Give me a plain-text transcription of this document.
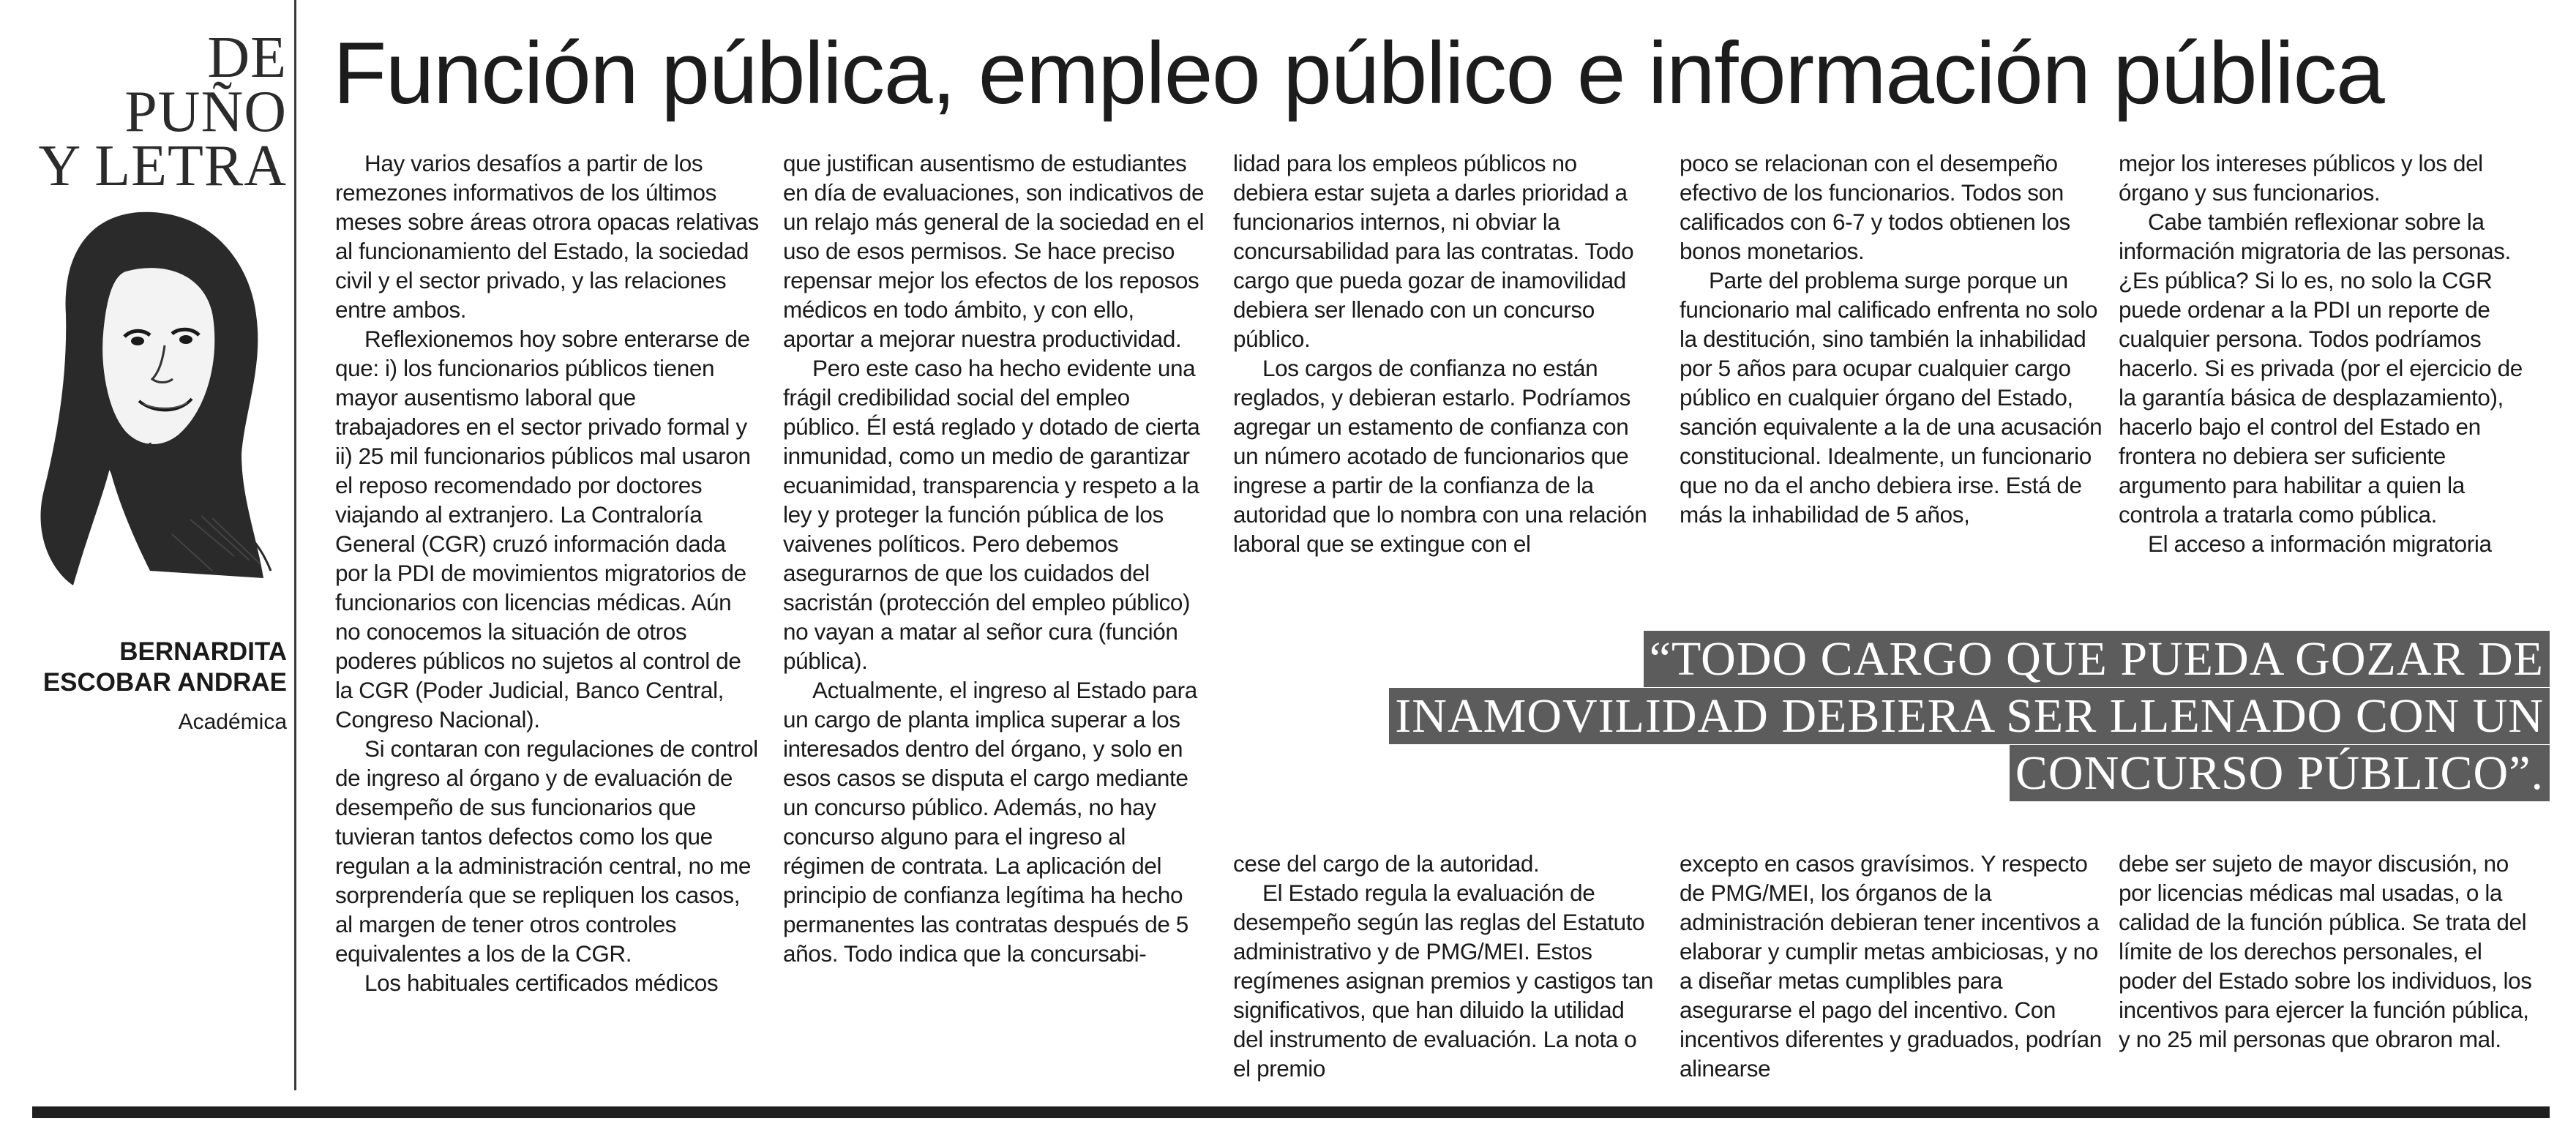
DE
PUÑO
Y LETRA
BERNARDITA
ESCOBAR ANDRAE
Académica
Función pública, empleo público e información pública

Hay varios desafíos a partir de los remezones informativos de los últimos meses sobre áreas otrora opacas relativas al funcionamiento del Estado, la sociedad civil y el sector privado, y las relaciones entre ambos.

Reflexionemos hoy sobre enterarse de que: i) los funcionarios públicos tienen mayor ausentismo laboral que trabajadores en el sector privado formal y ii) 25 mil funcionarios públicos mal usaron el reposo recomendado por doctores viajando al extranjero. La Contraloría General (CGR) cruzó información dada por la PDI de movimientos migratorios de funcionarios con licencias médicas. Aún no conocemos la situación de otros poderes públicos no sujetos al control de la CGR (Poder Judicial, Banco Central, Congreso Nacional).

Si contaran con regulaciones de control de ingreso al órgano y de evaluación de desempeño de sus funcionarios que tuvieran tantos defectos como los que regulan a la administración central, no me sorprendería que se repliquen los casos, al margen de tener otros controles equivalentes a los de la CGR.

Los habituales certificados médicos

que justifican ausentismo de estudiantes en día de evaluaciones, son indicativos de un relajo más general de la sociedad en el uso de esos permisos. Se hace preciso repensar mejor los efectos de los reposos médicos en todo ámbito, y con ello, aportar a mejorar nuestra productividad.

Pero este caso ha hecho evidente una frágil credibilidad social del empleo público. Él está reglado y dotado de cierta inmunidad, como un medio de garantizar ecuanimidad, transparencia y respeto a la ley y proteger la función pública de los vaivenes políticos. Pero debemos asegurarnos de que los cuidados del sacristán (protección del empleo público) no vayan a matar al señor cura (función pública).

Actualmente, el ingreso al Estado para un cargo de planta implica superar a los interesados dentro del órgano, y solo en esos casos se disputa el cargo mediante un concurso público. Además, no hay concurso alguno para el ingreso al régimen de contrata. La aplicación del principio de confianza legítima ha hecho permanentes las contratas después de 5 años. Todo indica que la concursabi-

lidad para los empleos públicos no debiera estar sujeta a darles prioridad a funcionarios internos, ni obviar la concursabilidad para las contratas. Todo cargo que pueda gozar de inamovilidad debiera ser llenado con un concurso público.

Los cargos de confianza no están reglados, y debieran estarlo. Podríamos agregar un estamento de confianza con un número acotado de funcionarios que ingrese a partir de la confianza de la autoridad que lo nombra con una relación laboral que se extingue con el

poco se relacionan con el desempeño efectivo de los funcionarios. Todos son calificados con 6-7 y todos obtienen los bonos monetarios.

Parte del problema surge porque un funcionario mal calificado enfrenta no solo la destitución, sino también la inhabilidad por 5 años para ocupar cualquier cargo público en cualquier órgano del Estado, sanción equivalente a la de una acusación constitucional. Idealmente, un funcionario que no da el ancho debiera irse. Está de más la inhabilidad de 5 años,

mejor los intereses públicos y los del órgano y sus funcionarios.

Cabe también reflexionar sobre la información migratoria de las personas. ¿Es pública? Si lo es, no solo la CGR puede ordenar a la PDI un reporte de cualquier persona. Todos podríamos hacerlo. Si es privada (por el ejercicio de la garantía básica de desplazamiento), hacerlo bajo el control del Estado en frontera no debiera ser suficiente argumento para habilitar a quien la controla a tratarla como pública.

El acceso a información migratoria

“TODO CARGO QUE PUEDA GOZAR DE
INAMOVILIDAD DEBIERA SER LLENADO CON UN
CONCURSO PÚBLICO”.

cese del cargo de la autoridad.

El Estado regula la evaluación de desempeño según las reglas del Estatuto administrativo y de PMG/MEI. Estos regímenes asignan premios y castigos tan significativos, que han diluido la utilidad del instrumento de evaluación. La nota o el premio

excepto en casos gravísimos. Y respecto de PMG/MEI, los órganos de la administración debieran tener incentivos a elaborar y cumplir metas ambiciosas, y no a diseñar metas cumplibles para asegurarse el pago del incentivo. Con incentivos diferentes y graduados, podrían alinearse

debe ser sujeto de mayor discusión, no por licencias médicas mal usadas, o la calidad de la función pública. Se trata del límite de los derechos personales, el poder del Estado sobre los individuos, los incentivos para ejercer la función pública, y no 25 mil personas que obraron mal.
